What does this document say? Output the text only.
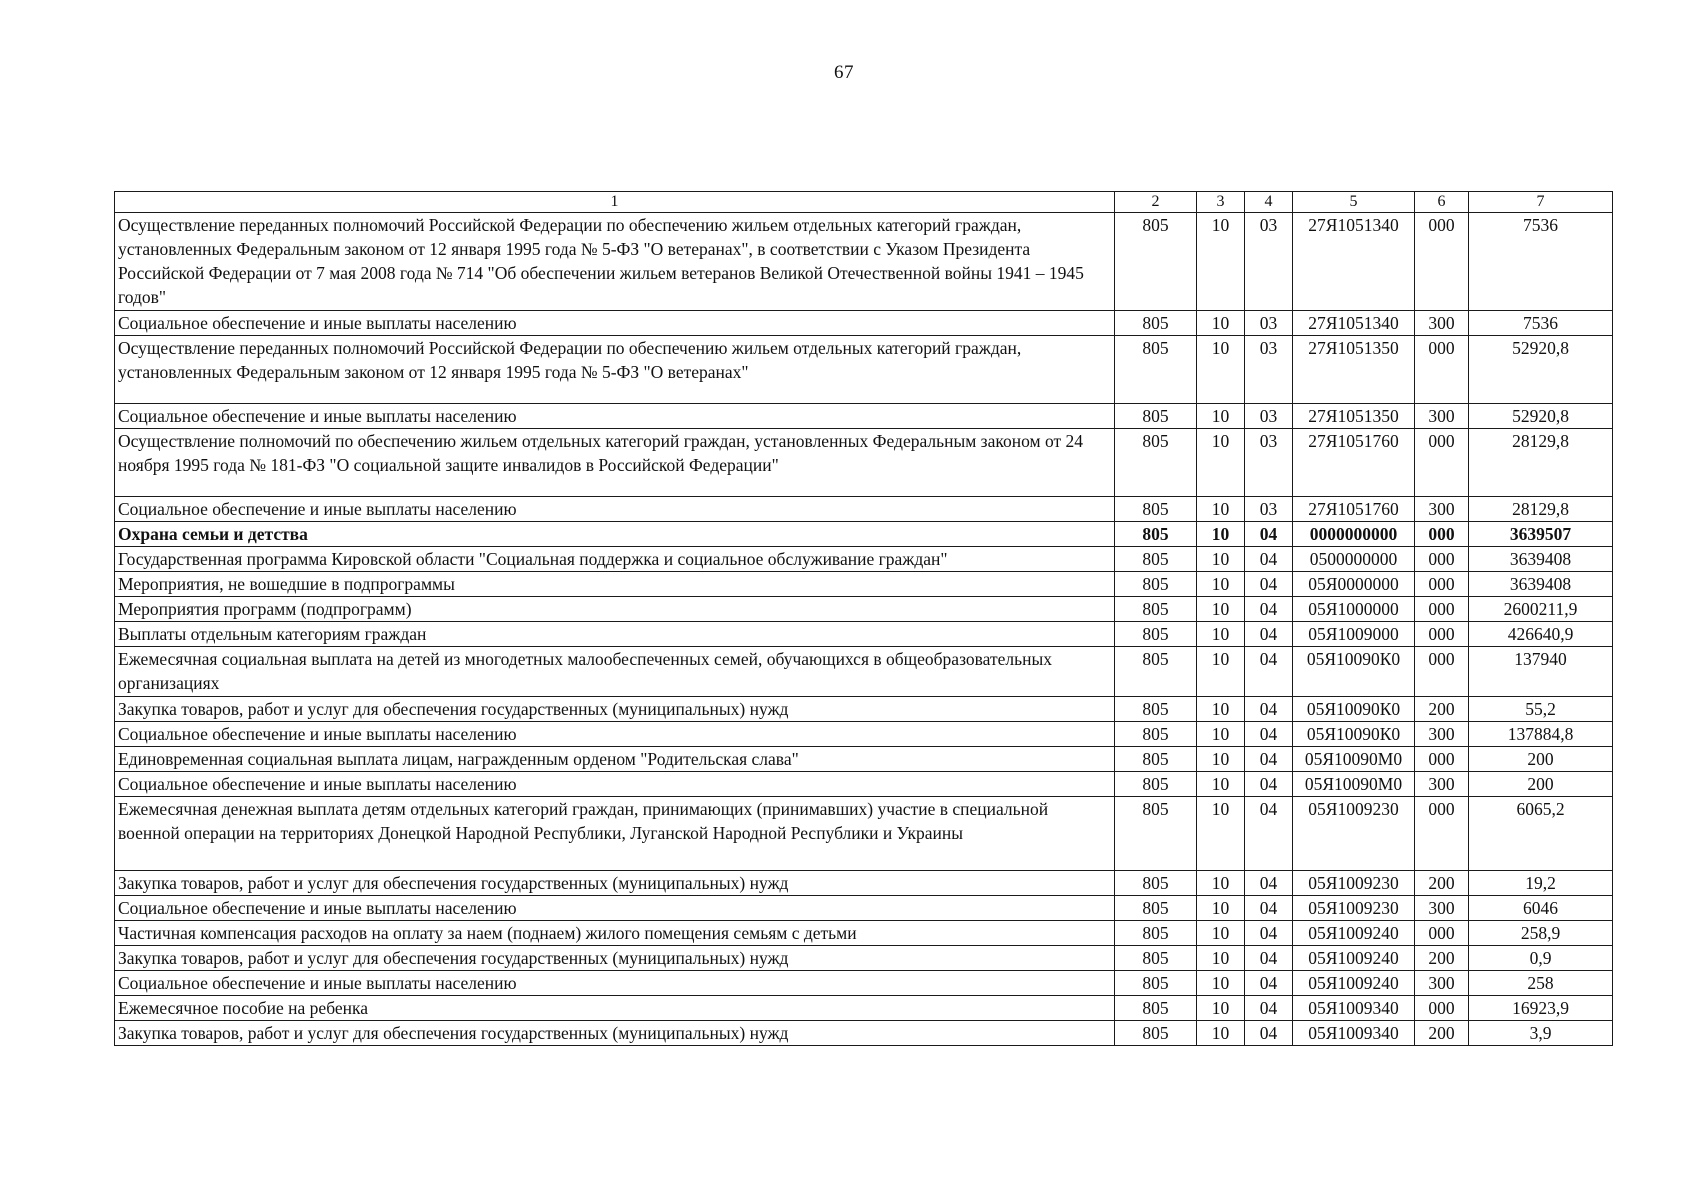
67
1	2	3	4	5	6	7
Осуществление переданных полномочий Российской Федерации по обеспечению жильем отдельных категорий граждан, установленных Федеральным законом от 12 января 1995 года № 5-ФЗ "О ветеранах", в соответствии с Указом Президента Российской Федерации от 7 мая 2008 года № 714 "Об обеспечении жильем ветеранов Великой Отечественной войны 1941 – 1945 годов"	805	10	03	27Я1051340	000	7536
Социальное обеспечение и иные выплаты населению	805	10	03	27Я1051340	300	7536
Осуществление переданных полномочий Российской Федерации по обеспечению жильем отдельных категорий граждан, установленных Федеральным законом от 12 января 1995 года № 5-ФЗ "О ветеранах"	805	10	03	27Я1051350	000	52920,8
Социальное обеспечение и иные выплаты населению	805	10	03	27Я1051350	300	52920,8
Осуществление полномочий по обеспечению жильем отдельных категорий граждан, установленных Федеральным законом от 24 ноября 1995 года № 181-ФЗ "О социальной защите инвалидов в Российской Федерации"	805	10	03	27Я1051760	000	28129,8
Социальное обеспечение и иные выплаты населению	805	10	03	27Я1051760	300	28129,8
Охрана семьи и детства	805	10	04	0000000000	000	3639507
Государственная программа Кировской области "Социальная поддержка и социальное обслуживание граждан"	805	10	04	0500000000	000	3639408
Мероприятия, не вошедшие в подпрограммы	805	10	04	05Я0000000	000	3639408
Мероприятия программ (подпрограмм)	805	10	04	05Я1000000	000	2600211,9
Выплаты отдельным категориям граждан	805	10	04	05Я1009000	000	426640,9
Ежемесячная социальная выплата на детей из многодетных малообеспеченных семей, обучающихся в общеобразовательных организациях	805	10	04	05Я10090К0	000	137940
Закупка товаров, работ и услуг для обеспечения государственных (муниципальных) нужд	805	10	04	05Я10090К0	200	55,2
Социальное обеспечение и иные выплаты населению	805	10	04	05Я10090К0	300	137884,8
Единовременная социальная выплата лицам, награжденным орденом "Родительская слава"	805	10	04	05Я10090М0	000	200
Социальное обеспечение и иные выплаты населению	805	10	04	05Я10090М0	300	200
Ежемесячная денежная выплата детям отдельных категорий граждан, принимающих (принимавших) участие в специальной военной операции на территориях Донецкой Народной Республики, Луганской Народной Республики и Украины	805	10	04	05Я1009230	000	6065,2
Закупка товаров, работ и услуг для обеспечения государственных (муниципальных) нужд	805	10	04	05Я1009230	200	19,2
Социальное обеспечение и иные выплаты населению	805	10	04	05Я1009230	300	6046
Частичная компенсация расходов на оплату за наем (поднаем) жилого помещения семьям с детьми	805	10	04	05Я1009240	000	258,9
Закупка товаров, работ и услуг для обеспечения государственных (муниципальных) нужд	805	10	04	05Я1009240	200	0,9
Социальное обеспечение и иные выплаты населению	805	10	04	05Я1009240	300	258
Ежемесячное пособие на ребенка	805	10	04	05Я1009340	000	16923,9
Закупка товаров, работ и услуг для обеспечения государственных (муниципальных) нужд	805	10	04	05Я1009340	200	3,9
